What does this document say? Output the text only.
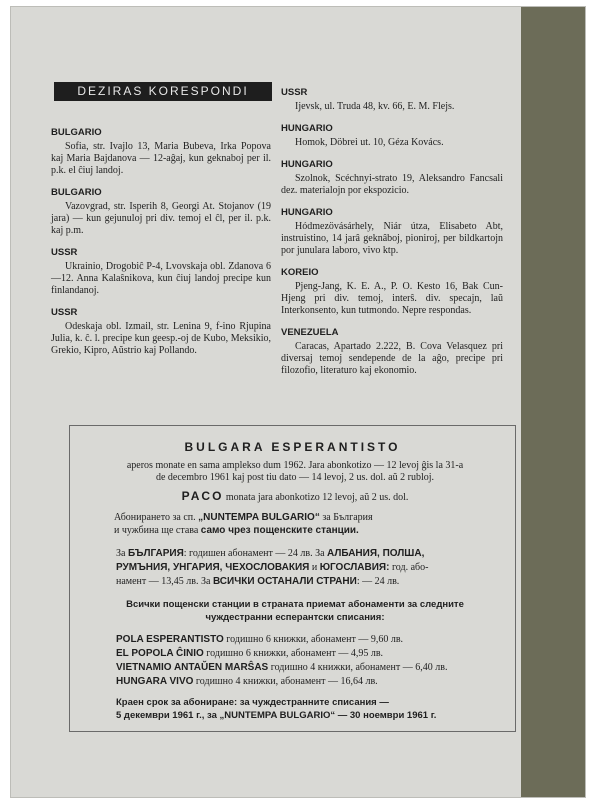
DEZIRAS KORESPONDI
BULGARIO
Sofia, str. Ivajlo 13, Maria Bubeva, Irka Popova kaj Maria Bajdanova — 12-aĝaj, kun geknaboj per il. p.k. el ĉiuj landoj.
BULGARIO
Vazovgrad, str. Isperih 8, Georgi At. Stojanov (19 jara) — kun gejunuloj pri div. temoj el ĉl, per il. p.k. kaj p.m.
USSR
Ukrainio, Drogobiĉ P-4, Lvovskaja obl. Zdanova 6—12. Anna Kalaŝnikova, kun ĉiuj landoj precipe kun finlandanoj.
USSR
Odeskaja obl. Izmail, str. Lenina 9, f-ino Rjupina Julia, k. ĉ. l. precipe kun geesp.-oj de Kubo, Meksikio, Grekio, Kipro, Aŭstrio kaj Pollando.
USSR
Ijevsk, ul. Truda 48, kv. 66, E. M. Flejs.
HUNGARIO
Homok, Döbrei ut. 10, Géza Kovács.
HUNGARIO
Szolnok, Scéchnyi-strato 19, Aleksandro Fancsali dez. materialojn por ekspozicio.
HUNGARIO
Hódmezövásárhely, Niár útza, Elisabeto Abt, instruistino, 14 jarâ geknâboj, pioniroj, per bildkartojn por junulara laboro, vivo ktp.
KOREIO
Pjeng-Jang, K. E. A., P. O. Kesto 16, Bak Cun-Hjeng pri div. temoj, interŝ. div. specajn, laŭ Interkonsento, kun tutmondo. Nepre respondas.
VENEZUELA
Caracas, Apartado 2.222, B. Cova Velasquez pri diversaj temoj sendepende de la aĝo, precipe pri filozofio, literaturo kaj ekonomio.
BULGARA ESPERANTISTO
aperos monate en sama amplekso dum 1962. Jara abonkotizo — 12 levoj ĝis la 31-a
de decembro 1961 kaj post tiu dato — 14 levoj, 2 us. dol. aŭ 2 rubloj.
PACO monata jara abonkotizo 12 levoj, aŭ 2 us. dol.
Абонирането за сп. „NUNTEMPA BULGARIO“ за България
и чужбина ще става само чрез пощенските станции.
За БЪЛГАРИЯ: годишен абонамент — 24 лв. За АЛБАНИЯ, ПОЛША,
РУМЪНИЯ, УНГАРИЯ, ЧЕХОСЛОВАКИЯ и ЮГОСЛАВИЯ: год. або-
намент — 13,45 лв. За ВСИЧКИ ОСТАНАЛИ СТРАНИ: — 24 лв.
Всички пощенски станции в страната приемат абонаменти за следните
чуждестранни есперантски списания:
POLA ESPERANTISTO годишно 6 книжки, абонамент — 9,60 лв.
EL POPOLA ĈINIO годишно 6 книжки, абонамент — 4,95 лв.
VIETNAMIO ANTAŬEN MARŜAS годишно 4 книжки, абонамент — 6,40 лв.
HUNGARA VIVO годишно 4 книжки, абонамент — 16,64 лв.
Краен срок за абониране: за чуждестранните списания —
5 декември 1961 г., за „NUNTEMPA BULGARIO“ — 30 ноември 1961 г.
